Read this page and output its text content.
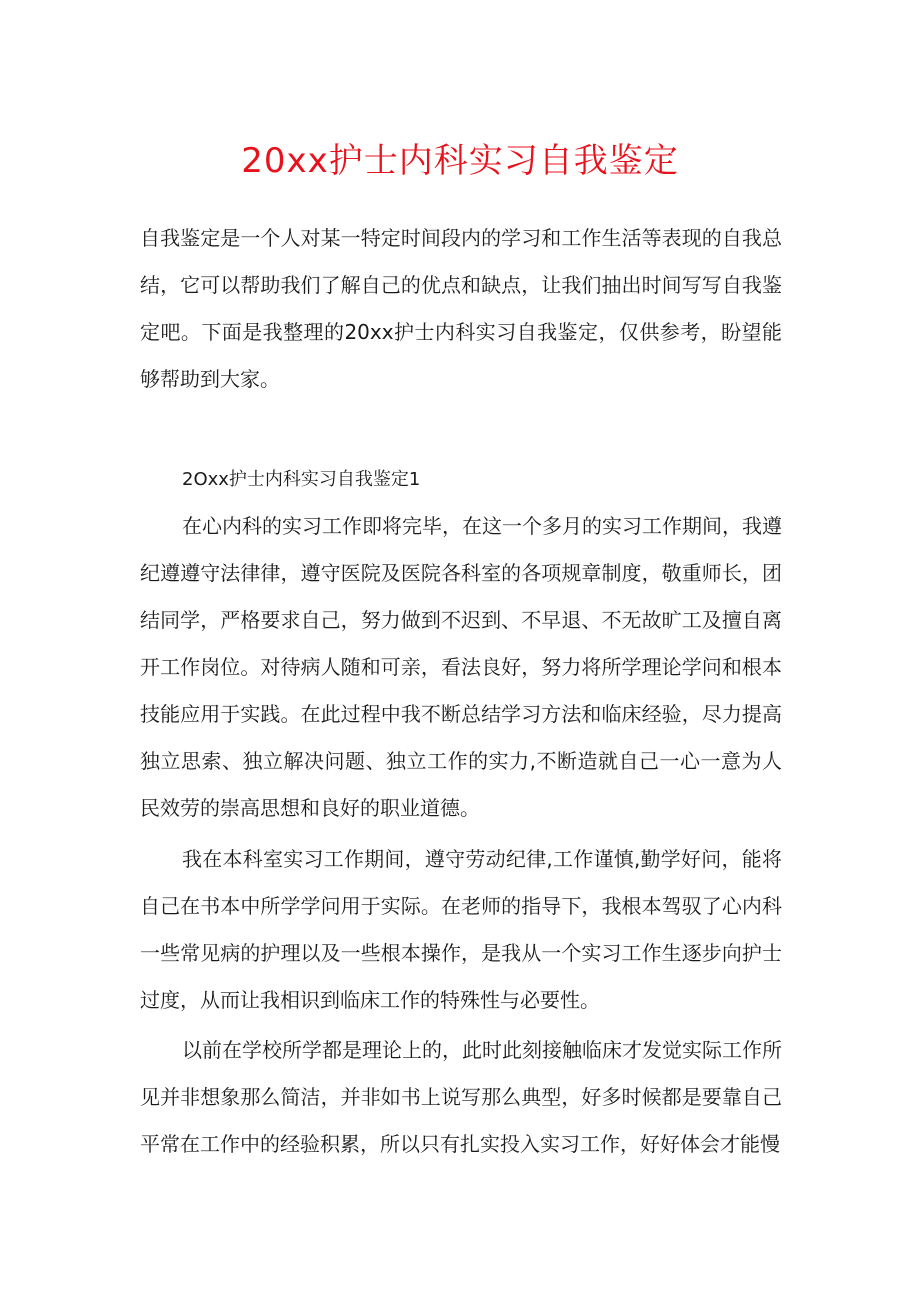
20xx护士内科实习自我鉴定

自我鉴定是一个人对某一特定时间段内的学习和工作生活等表现的自我总结，它可以帮助我们了解自己的优点和缺点，让我们抽出时间写写自我鉴定吧。下面是我整理的20xx护士内科实习自我鉴定，仅供参考，盼望能够帮助到大家。

2Oxx护士内科实习自我鉴定1

在心内科的实习工作即将完毕，在这一个多月的实习工作期间，我遵纪遵遵守法律律，遵守医院及医院各科室的各项规章制度，敬重师长，团结同学，严格要求自己，努力做到不迟到、不早退、不无故旷工及擅自离开工作岗位。对待病人随和可亲，看法良好，努力将所学理论学问和根本技能应用于实践。在此过程中我不断总结学习方法和临床经验，尽力提高独立思索、独立解决问题、独立工作的实力,不断造就自己一心一意为人民效劳的崇高思想和良好的职业道德。

我在本科室实习工作期间，遵守劳动纪律,工作谨慎,勤学好问，能将自己在书本中所学学问用于实际。在老师的指导下，我根本驾驭了心内科一些常见病的护理以及一些根本操作，是我从一个实习工作生逐步向护士过度，从而让我相识到临床工作的特殊性与必要性。

以前在学校所学都是理论上的，此时此刻接触临床才发觉实际工作所见并非想象那么简洁，并非如书上说写那么典型，好多时候都是要靠自己平常在工作中的经验积累，所以只有扎实投入实习工作，好好体会才能慢
